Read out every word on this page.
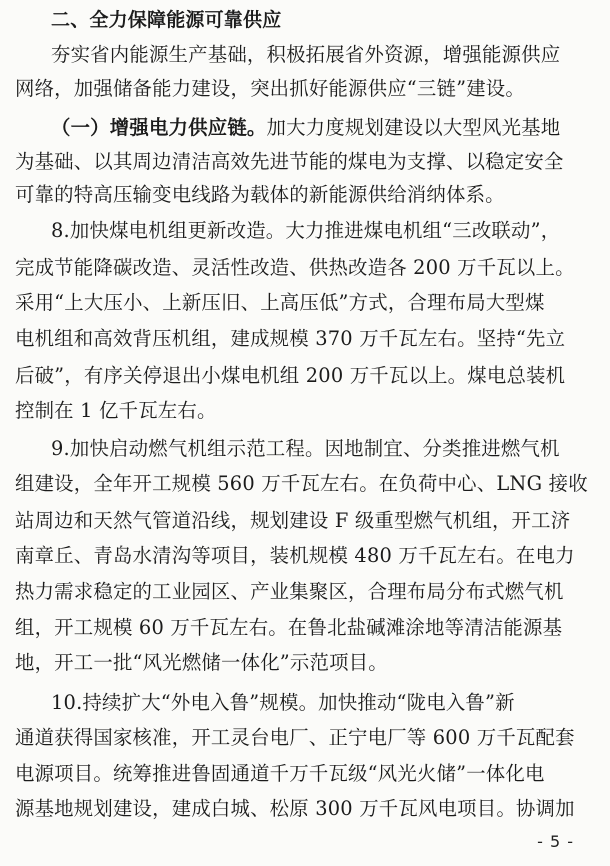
二、全力保障能源可靠供应
夯实省内能源生产基础，积极拓展省外资源，增强能源供应
网络，加强储备能力建设，突出抓好能源供应“三链”建设。
（一）增强电力供应链。加大力度规划建设以大型风光基地
为基础、以其周边清洁高效先进节能的煤电为支撑、以稳定安全
可靠的特高压输变电线路为载体的新能源供给消纳体系。
8.加快煤电机组更新改造。大力推进煤电机组“三改联动”，
完成节能降碳改造、灵活性改造、供热改造各 200 万千瓦以上。
采用“上大压小、上新压旧、上高压低”方式，合理布局大型煤
电机组和高效背压机组，建成规模 370 万千瓦左右。坚持“先立
后破”，有序关停退出小煤电机组 200 万千瓦以上。煤电总装机
控制在 1 亿千瓦左右。
9.加快启动燃气机组示范工程。因地制宜、分类推进燃气机
组建设，全年开工规模 560 万千瓦左右。在负荷中心、LNG 接收
站周边和天然气管道沿线，规划建设 F 级重型燃气机组，开工济
南章丘、青岛水清沟等项目，装机规模 480 万千瓦左右。在电力
热力需求稳定的工业园区、产业集聚区，合理布局分布式燃气机
组，开工规模 60 万千瓦左右。在鲁北盐碱滩涂地等清洁能源基
地，开工一批“风光燃储一体化”示范项目。
10.持续扩大“外电入鲁”规模。加快推动“陇电入鲁”新
通道获得国家核准，开工灵台电厂、正宁电厂等 600 万千瓦配套
电源项目。统筹推进鲁固通道千万千瓦级“风光火储”一体化电
源基地规划建设，建成白城、松原 300 万千瓦风电项目。协调加
- 5 -
